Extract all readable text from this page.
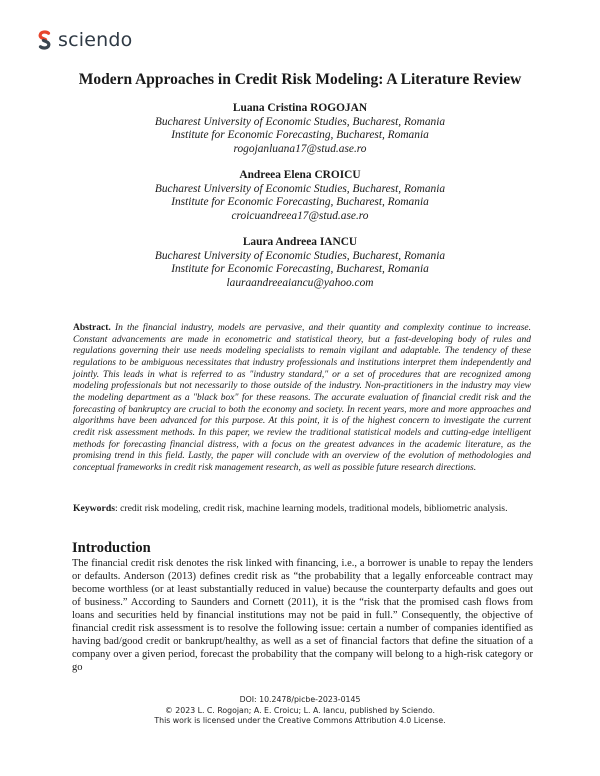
sciendo
Modern Approaches in Credit Risk Modeling: A Literature Review
Luana Cristina ROGOJAN
Bucharest University of Economic Studies, Bucharest, Romania
Institute for Economic Forecasting, Bucharest, Romania
rogojanluana17@stud.ase.ro
Andreea Elena CROICU
Bucharest University of Economic Studies, Bucharest, Romania
Institute for Economic Forecasting, Bucharest, Romania
croicuandreea17@stud.ase.ro
Laura Andreea IANCU
Bucharest University of Economic Studies, Bucharest, Romania
Institute for Economic Forecasting, Bucharest, Romania
lauraandreeaiancu@yahoo.com
Abstract. In the financial industry, models are pervasive, and their quantity and complexity continue to increase. Constant advancements are made in econometric and statistical theory, but a fast-developing body of rules and regulations governing their use needs modeling specialists to remain vigilant and adaptable. The tendency of these regulations to be ambiguous necessitates that industry professionals and institutions interpret them independently and jointly. This leads in what is referred to as "industry standard," or a set of procedures that are recognized among modeling professionals but not necessarily to those outside of the industry. Non-practitioners in the industry may view the modeling department as a "black box" for these reasons. The accurate evaluation of financial credit risk and the forecasting of bankruptcy are crucial to both the economy and society. In recent years, more and more approaches and algorithms have been advanced for this purpose. At this point, it is of the highest concern to investigate the current credit risk assessment methods. In this paper, we review the traditional statistical models and cutting-edge intelligent methods for forecasting financial distress, with a focus on the greatest advances in the academic literature, as the promising trend in this field. Lastly, the paper will conclude with an overview of the evolution of methodologies and conceptual frameworks in credit risk management research, as well as possible future research directions.
Keywords: credit risk modeling, credit risk, machine learning models, traditional models, bibliometric analysis.
Introduction
The financial credit risk denotes the risk linked with financing, i.e., a borrower is unable to repay the lenders or defaults. Anderson (2013) defines credit risk as “the probability that a legally enforceable contract may become worthless (or at least substantially reduced in value) because the counterparty defaults and goes out of business.” According to Saunders and Cornett (2011), it is the “risk that the promised cash flows from loans and securities held by financial institutions may not be paid in full.” Consequently, the objective of financial credit risk assessment is to resolve the following issue: certain a number of companies identified as having bad/good credit or bankrupt/healthy, as well as a set of financial factors that define the situation of a company over a given period, forecast the probability that the company will belong to a high-risk category or go
DOI: 10.2478/picbe-2023-0145
© 2023 L. C. Rogojan; A. E. Croicu; L. A. Iancu, published by Sciendo.
This work is licensed under the Creative Commons Attribution 4.0 License.
